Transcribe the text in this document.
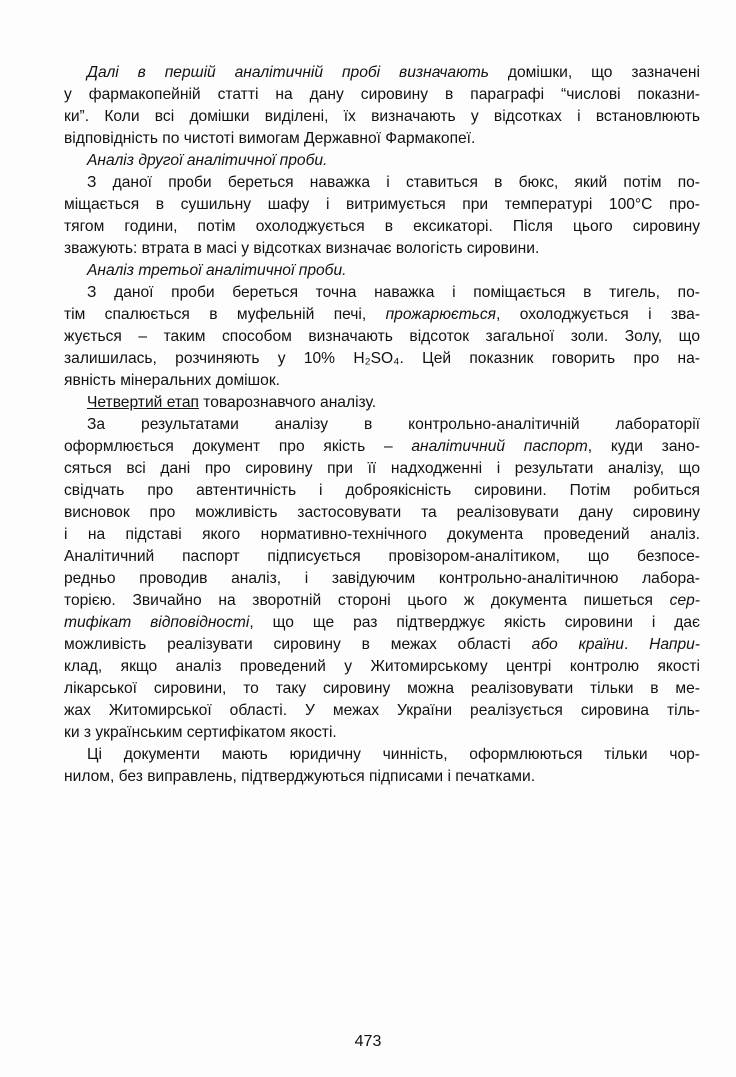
Далі в першій аналітичній пробі визначають домішки, що зазначені
у фармакопейній статті на дану сировину в параграфі “числові показни-
ки”. Коли всі домішки виділені, їх визначають у відсотках і встановлюють
відповідність по чистоті вимогам Державної Фармакопеї.
Аналіз другої аналітичної проби.
З даної проби береться наважка і ставиться в бюкс, який потім по-
міщається в сушильну шафу і витримується при температурі 100°С про-
тягом години, потім охолоджується в ексикаторі. Після цього сировину
зважують: втрата в масі у відсотках визначає вологість сировини.
Аналіз третьої аналітичної проби.
З даної проби береться точна наважка і поміщається в тигель, по-
тім спалюється в муфельній печі, прожарюється, охолоджується і зва-
жується – таким способом визначають відсоток загальної золи. Золу, що
залишилась, розчиняють у 10% H₂SO₄. Цей показник говорить про на-
явність мінеральних домішок.
Четвертий етап товарознавчого аналізу.
За результатами аналізу в контрольно-аналітичній лабораторії
оформлюється документ про якість – аналітичний паспорт, куди зано-
сяться всі дані про сировину при її надходженні і результати аналізу, що
свідчать про автентичність і доброякісність сировини. Потім робиться
висновок про можливість застосовувати та реалізовувати дану сировину
і на підставі якого нормативно-технічного документа проведений аналіз.
Аналітичний паспорт підписується провізором-аналітиком, що безпосе-
редньо проводив аналіз, і завідуючим контрольно-аналітичною лабора-
торією. Звичайно на зворотній стороні цього ж документа пишеться сер-
тифікат відповідності, що ще раз підтверджує якість сировини і дає
можливість реалізувати сировину в межах області або країни. Напри-
клад, якщо аналіз проведений у Житомирському центрі контролю якості
лікарської сировини, то таку сировину можна реалізовувати тільки в ме-
жах Житомирської області. У межах України реалізується сировина тіль-
ки з українським сертифікатом якості.
Ці документи мають юридичну чинність, оформлюються тільки чор-
нилом, без виправлень, підтверджуються підписами і печатками.
473
